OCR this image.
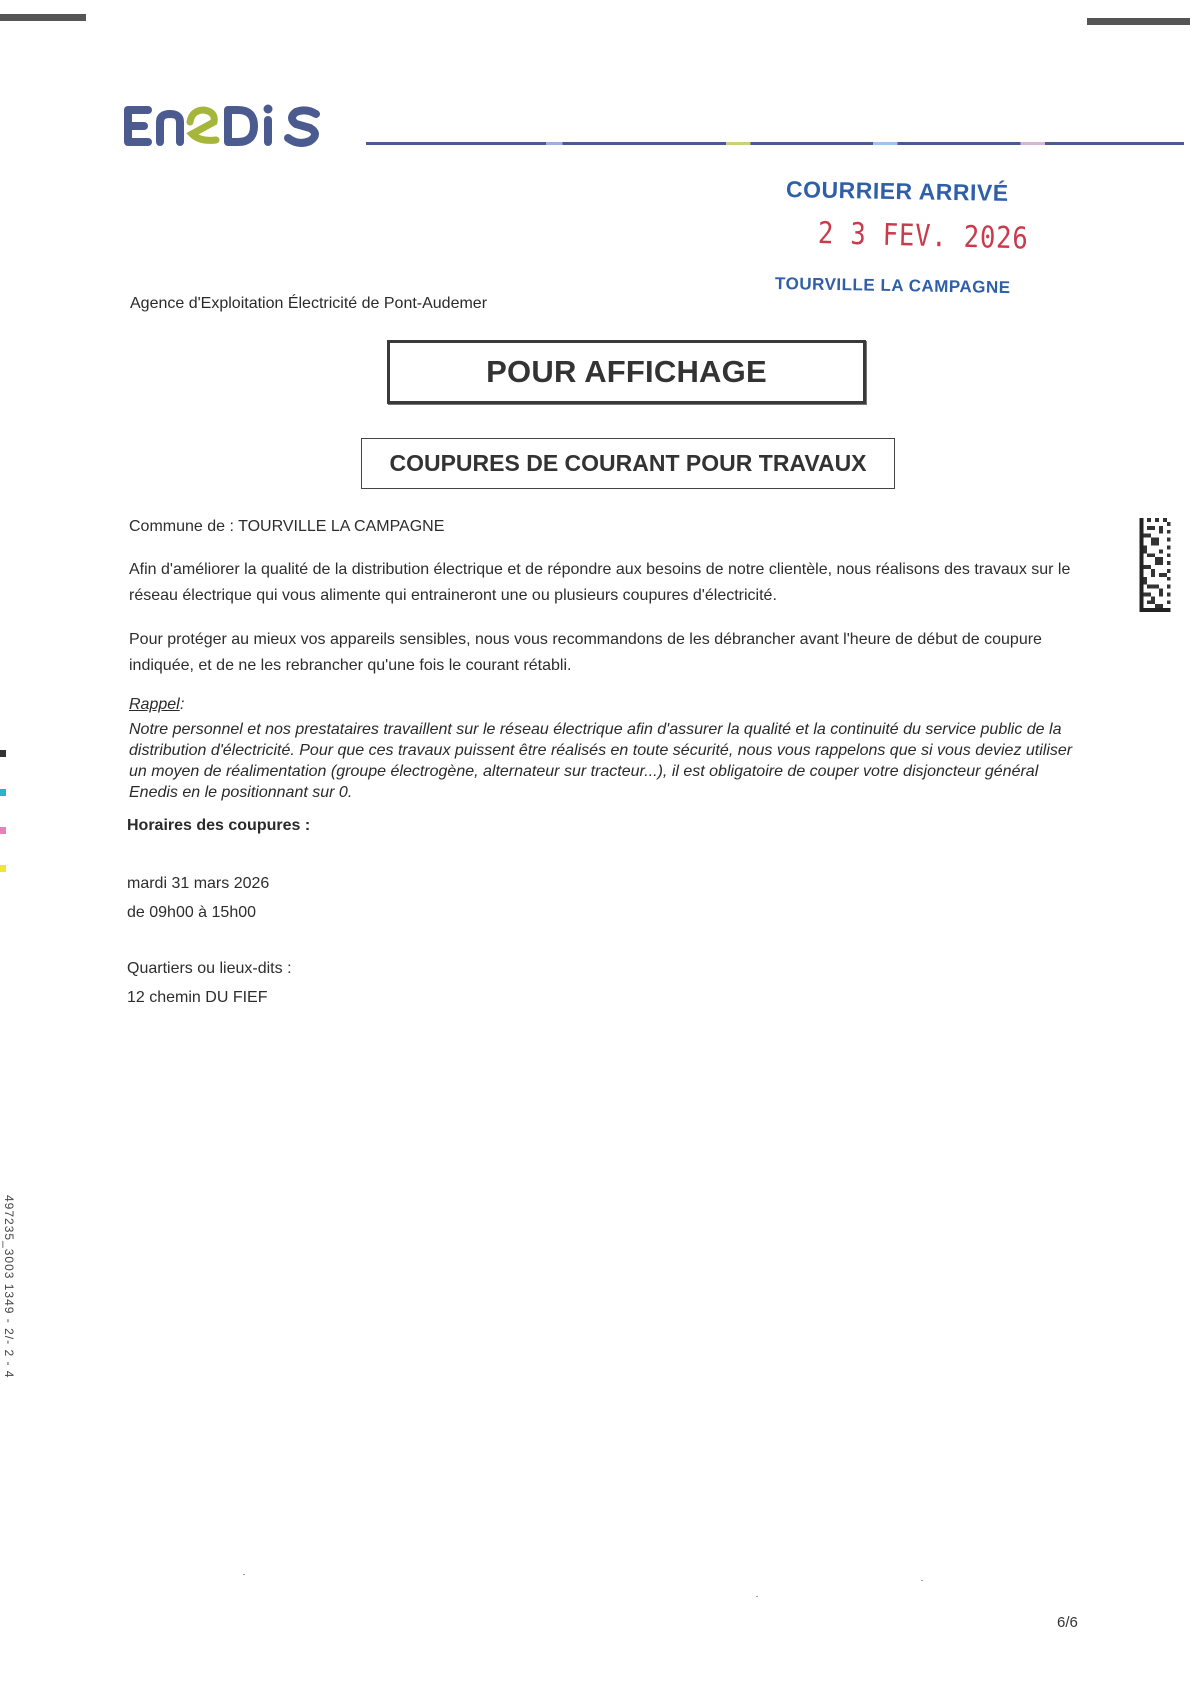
COURRIER ARRIVÉ
2 3 FEV. 2026
TOURVILLE LA CAMPAGNE
Agence d'Exploitation Électricité de Pont-Audemer
POUR AFFICHAGE
COUPURES DE COURANT POUR TRAVAUX
Commune de : TOURVILLE LA CAMPAGNE
Afin d'améliorer la qualité de la distribution électrique et de répondre aux besoins de notre clientèle, nous réalisons des travaux sur le réseau électrique qui vous alimente qui entraineront une ou plusieurs coupures d'électricité.
Pour protéger au mieux vos appareils sensibles, nous vous recommandons de les débrancher avant l'heure de début de coupure indiquée, et de ne les rebrancher qu'une fois le courant rétabli.
Rappel :
Notre personnel et nos prestataires travaillent sur le réseau électrique afin d'assurer la qualité et la continuité du service public de la distribution d'électricité. Pour que ces travaux puissent être réalisés en toute sécurité, nous vous rappelons que si vous deviez utiliser un moyen de réalimentation (groupe électrogène, alternateur sur tracteur...), il est obligatoire de couper votre disjoncteur général Enedis en le positionnant sur 0.
Horaires des coupures :
mardi 31 mars 2026
de 09h00 à 15h00
Quartiers ou lieux-dits :
12 chemin DU FIEF
497235_3003 1349 - 2/- 2 - 4
6/6
